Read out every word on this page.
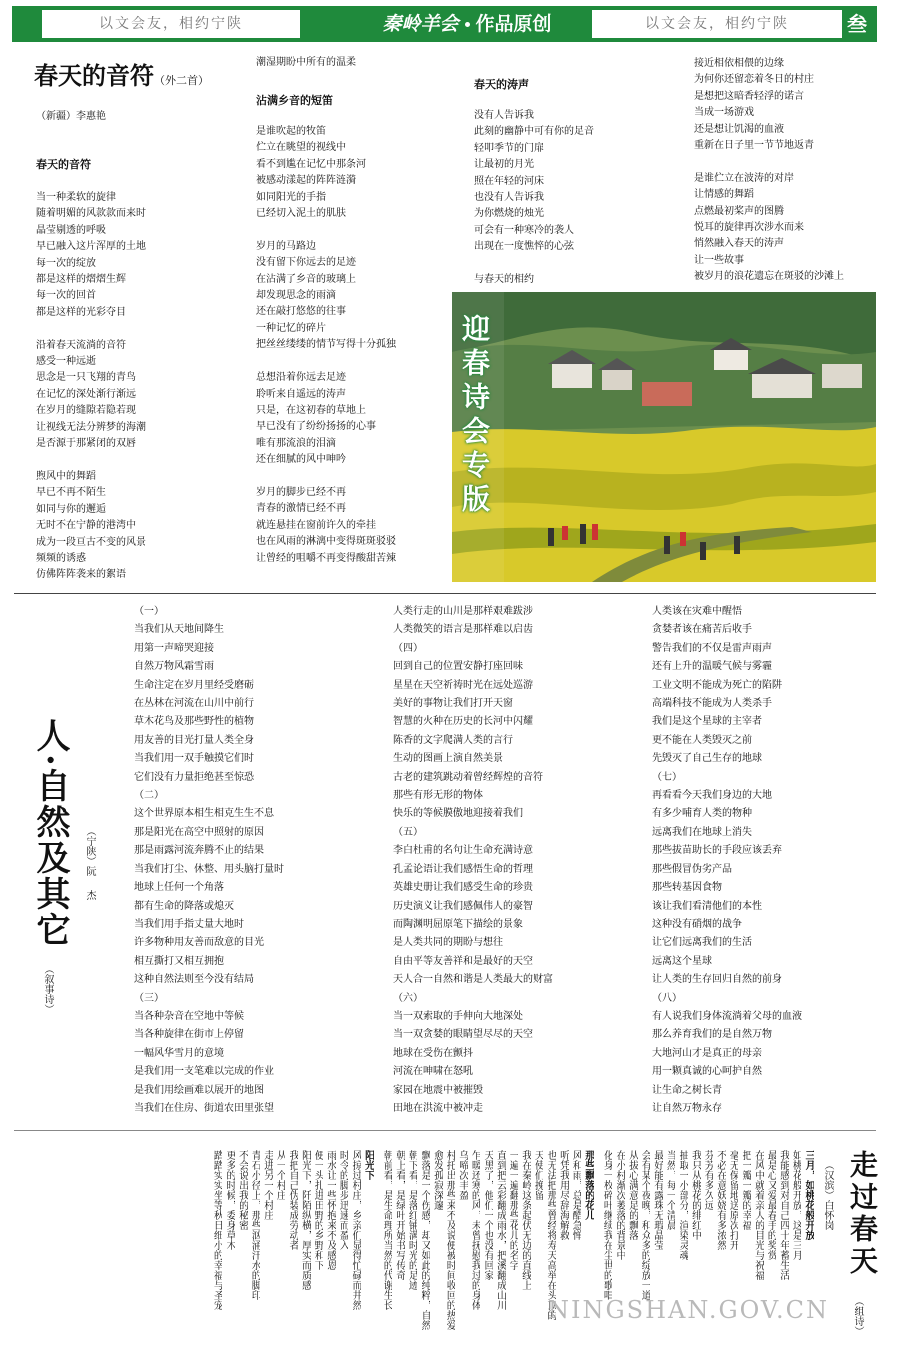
以文会友，相约宁陕	秦岭羊会 作品原创	以文会友，相约宁陕	叁
春天的音符（外二首）
（新疆）李惠艳
春天的音符
当一种柔软的旋律
随着明媚的风款款而来时
晶莹剔透的呼吸
早已融入这片浑厚的土地
每一次的绽放
都是这样的熠熠生辉
每一次的回首
都是这样的光彩夺目

沿着春天流淌的音符
感受一种远逝
思念是一只飞翔的青鸟
在记忆的深处渐行渐远
在岁月的缝隙若隐若现
让视线无法分辨梦的海潮
是否源于那紧闭的双唇

煦风中的舞蹈
早已不再不陌生
如同与你的邂逅
无时不在宁静的港湾中
成为一段亘古不变的风景
频频的诱惑
仿佛阵阵袭来的絮语
潮湿期盼中所有的温柔
沾满乡音的短笛
是谁吹起的牧笛
伫立在眺望的视线中
看不到尴在记忆中那条河
被感动漾起的阵阵涟漪
如同阳光的手指
已经切入泥土的肌肤

岁月的马路边
没有留下你远去的足迹
在沾满了乡音的玻璃上
却发现思念的雨滴
还在敲打悠悠的往事
一种记忆的碎片
把丝丝缕缕的情节写得十分孤独

总想沿着你远去足迹
聆听来自遥远的涛声
只是，在这初春的草地上
早已没有了纷纷扬扬的心事
唯有那流浪的泪滴
还在细腻的风中呻吟

岁月的脚步已经不再
青春的激情已经不再
就连悬挂在窗前许久的牵挂
也在风雨的淋漓中变得斑斑驳驳
让曾经的咀嚼不再变得酸甜苦辣
春天的涛声
没有人告诉我
此刻的幽静中可有你的足音
轻叩季节的门扉
让最初的月光
照在年轻的河床
也没有人告诉我
为你燃烧的烛光
可会有一种寒冷的袭人
出现在一度憔悴的心弦

与春天的相约
接近相依相偎的边缘
为何你还留恋着冬日的村庄
是想把这暗香轻浮的诺言
当成一场游戏
还是想让饥渴的血液
重新在日子里一节节地返青

是谁伫立在波涛的对岸
让情感的舞蹈
点燃最初桨声的图腾
悦耳的旋律再次涉水而来
悄然融入春天的涛声
让一些故事
被岁月的浪花遗忘在斑驳的沙滩上
迎春诗会专版
人·自然及其它 （宁陕）
阮　杰
（叙事诗）
（一）
当我们从天地间降生
用第一声啼哭迎接
自然万物风霜雪雨
生命注定在岁月里经受磨砺
在丛林在河流在山川中前行
草木花鸟及那些野性的植物
用友善的目光打量人类全身
当我们用一双手触摸它们时
它们没有力量拒绝甚至惊恐
（二）
这个世界原本相生相克生生不息
那是阳光在高空中照射的原因
那是雨露河流奔腾不止的结果
当我们打尘、休整、用头脑打量时
地球上任何一个角落
都有生命的降落或熄灭
当我们用手指丈量大地时
许多物种用友善而敌意的目光
相互撕打又相互拥抱
这种自然法则至今没有结局
（三）
当各种杂音在空地中等候
当各种旋律在街市上停留
一幅风华雪月的意境
是我们用一支笔难以完成的作业
是我们用绘画难以展开的地图
当我们在住房、街道农田里张望
人类行走的山川是那样艰难跋涉
人类微笑的语言是那样难以启齿
（四）
回到自己的位置安静打座回味
星星在天空祈祷时光在远处巡游
美好的事物让我们打开天窗
智慧的火种在历史的长河中闪耀
陈香的文字爬满人类的言行
生动的图画上演自然美景
古老的建筑跳动着曾经辉煌的音符
那些有形无形的物体
快乐的等候膜傲地迎接着我们
（五）
李白杜甫的名句让生命充满诗意
孔孟论语让我们感悟生命的哲理
英雄史册让我们感受生命的珍贵
历史演义让我们感佩伟人的豪智
而陶渊明屈原笔下描绘的景象
是人类共同的期盼与想往
自由平等友善祥和是最好的天空
天人合一自然和谐是人类最大的财富
（六）
当一双索取的手伸向大地深处
当一双贪婪的眼睛望尽尽的天空
地球在受伤在颤抖
河流在呻啸在怒吼
家园在地震中被摧毁
田地在洪流中被冲走
人类该在灾难中醒悟
贪婪者该在痛苦后收手
警告我们的不仅是雷声雨声
还有上升的温暖气候与雾霾
工业文明不能成为死亡的陷阱
高端科技不能成为人类杀手
我们是这个星球的主宰者
更不能在人类毁灭之前
先毁灭了自己生存的地球
（七）
再看看今天我们身边的大地
有多少哺育人类的物种
远离我们在地球上消失
那些拔苗助长的手段应该丢弃
那些假冒伪劣产品
那些转基因食物
该让我们看清他们的本性
这种没有硝烟的战争
让它们远离我们的生活
远离这个星球
让人类的生存回归自然的前身
（八）
有人说我们身体流淌着父母的血液
那么养育我们的是自然万物
大地河山才是真正的母亲
用一颗真诚的心呵护自然
让生命之树长青
让自然万物永存
走过春天
（汉滨）白怀岗
（组诗）
三月，如桃花般开放
如桃花般开放，这是三月
我能感到对自己四十年蓄生活
最是心又爱最春手的奖赏
在风中就着亲人的目光与祝福
把一瓣一瓣的幸福
毫无保留地送原次打开
不必在意妖娆有多浓然
芬芳有多久远
我只从桃花的绯红中
抽取一小部分，渲染灵魂
当然，每一个清晨
最好能有露珠无瑕晶莹
会有某个夜晚，和众多的绽放一道
从拔心满意足的飘落
在小村渐次萎落的背景中
化身一枚碎叶继续我在尘世的歌唱
那些飘落的花儿
风和雨，总是酷急惮
听凭我用尽辞海解救
也无法把那些曾经将寿天高举在头顶的
天使们挽留
我在秦岭这条起伏无边的直线上
一遍一遍翻那些花儿的名字
直到把云彩翻成雨水，把溪翻成山川
天黑了，他们一个也没有回家
乍暖还寒的风，未曾抚慰我过的身体
乌啼次丰盈
村托出那些来不及说便被时间收回的热爱
愈发孤寂深邃
飘落是一个伤感，却又如此的纯粹，自然
朝下看，是落红铺满时光的足迹
朝上看，是绿叶开始书写传奇
朝前看，是生命理所当然的代谢生长
阳光下
风掠过村庄，乡亲们显得忙碌而井然
时令的脚步迅速而盈入
雨水让一些怀抱来不及感恩
便一头扎进田野的乡野和下
阳光下，阡陌纵横，厚实而质感
我把自己伪装成劳动者
从一个村庄
走进另一个村庄
青石小径上，那些汹涌汗水的脚印
不会说出我的秘密
更多的时候，委身草木
踏踏实实坐等秋日细小的幸福与圣宠	NINGSHAN.GOV.CN
